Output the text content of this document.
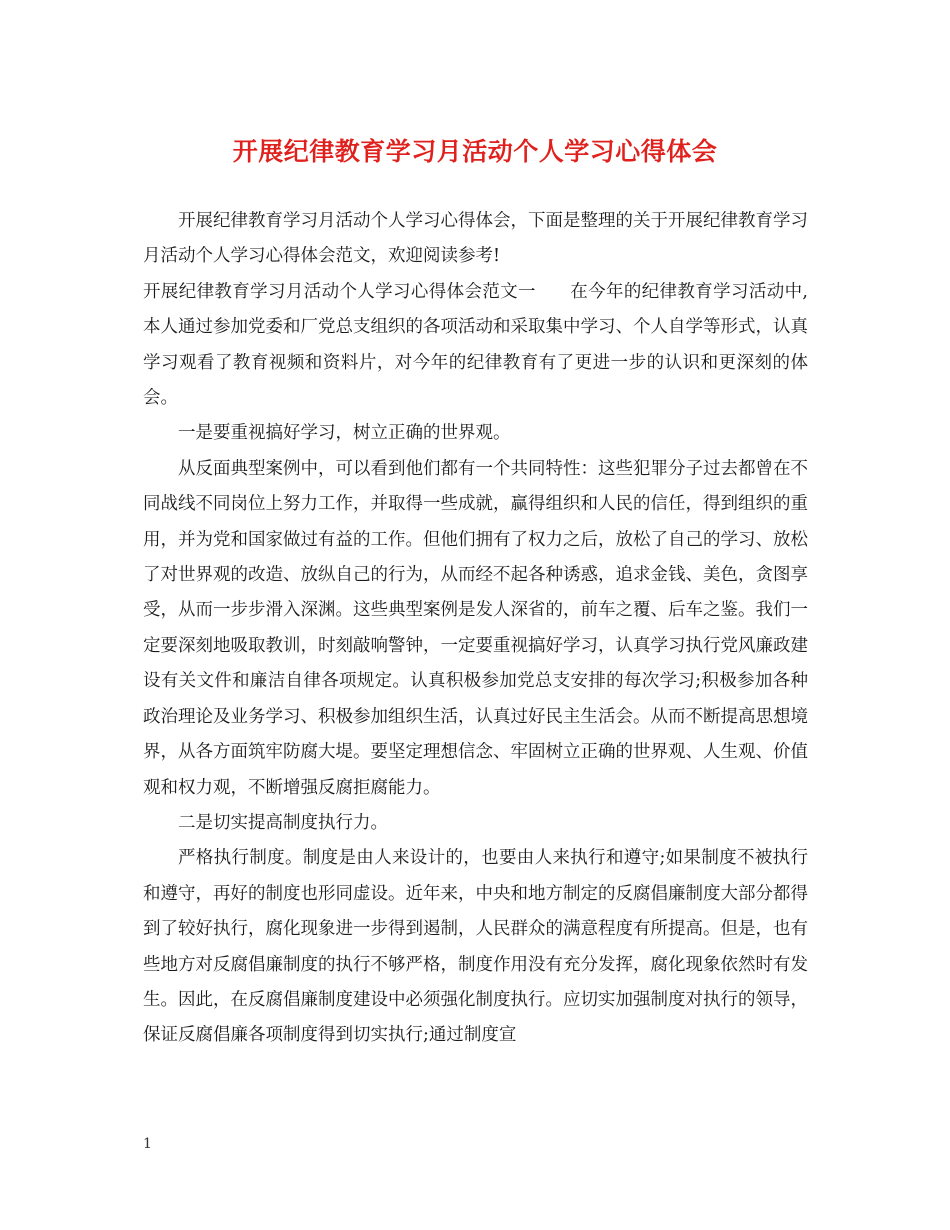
开展纪律教育学习月活动个人学习心得体会

开展纪律教育学习月活动个人学习心得体会，下面是整理的关于开展纪律教育学习月活动个人学习心得体会范文，欢迎阅读参考!

开展纪律教育学习月活动个人学习心得体会范文一 在今年的纪律教育学习活动中,本人通过参加党委和厂党总支组织的各项活动和采取集中学习、个人自学等形式，认真学习观看了教育视频和资料片，对今年的纪律教育有了更进一步的认识和更深刻的体会。

一是要重视搞好学习，树立正确的世界观。

从反面典型案例中，可以看到他们都有一个共同特性：这些犯罪分子过去都曾在不同战线不同岗位上努力工作，并取得一些成就，赢得组织和人民的信任，得到组织的重用，并为党和国家做过有益的工作。但他们拥有了权力之后，放松了自己的学习、放松了对世界观的改造、放纵自己的行为，从而经不起各种诱惑，追求金钱、美色，贪图享受，从而一步步滑入深渊。这些典型案例是发人深省的，前车之覆、后车之鉴。我们一定要深刻地吸取教训，时刻敲响警钟，一定要重视搞好学习，认真学习执行党风廉政建设有关文件和廉洁自律各项规定。认真积极参加党总支安排的每次学习;积极参加各种政治理论及业务学习、积极参加组织生活，认真过好民主生活会。从而不断提高思想境界，从各方面筑牢防腐大堤。要坚定理想信念、牢固树立正确的世界观、人生观、价值观和权力观，不断增强反腐拒腐能力。

二是切实提高制度执行力。

严格执行制度。制度是由人来设计的，也要由人来执行和遵守;如果制度不被执行和遵守，再好的制度也形同虚设。近年来，中央和地方制定的反腐倡廉制度大部分都得到了较好执行，腐化现象进一步得到遏制，人民群众的满意程度有所提高。但是，也有些地方对反腐倡廉制度的执行不够严格，制度作用没有充分发挥，腐化现象依然时有发生。因此，在反腐倡廉制度建设中必须强化制度执行。应切实加强制度对执行的领导，保证反腐倡廉各项制度得到切实执行;通过制度宣

1
